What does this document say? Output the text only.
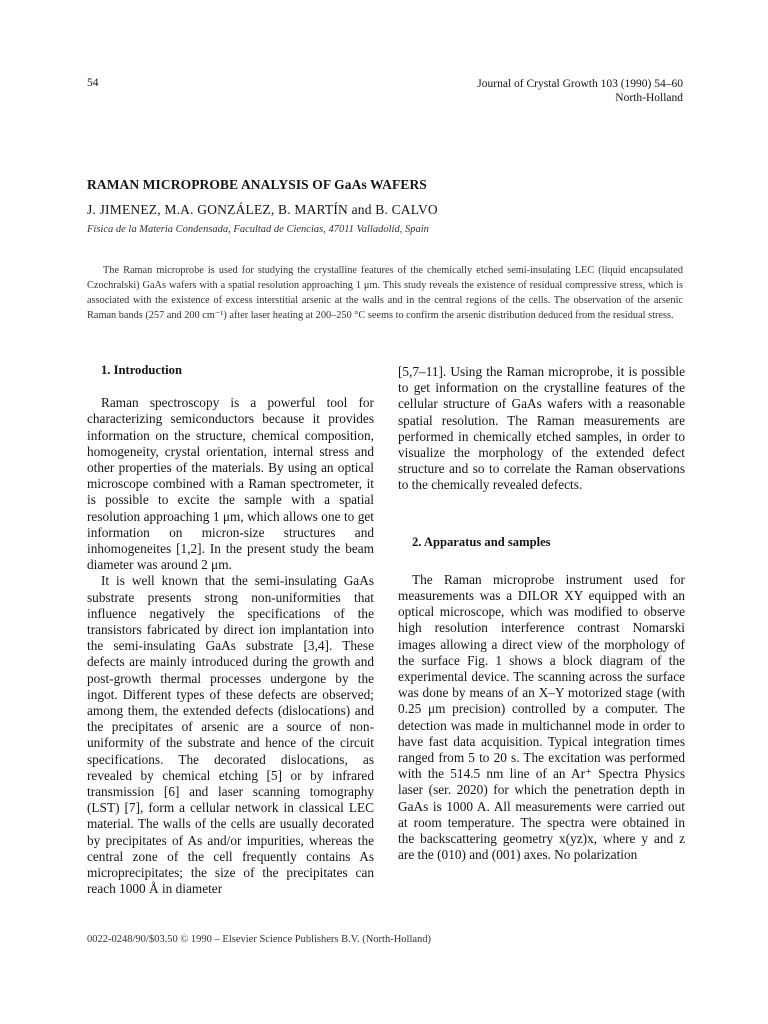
54	Journal of Crystal Growth 103 (1990) 54–60
North-Holland
RAMAN MICROPROBE ANALYSIS OF GaAs WAFERS
J. JIMENEZ, M.A. GONZÁLEZ, B. MARTÍN and B. CALVO
Física de la Materia Condensada, Facultad de Ciencias, 47011 Valladolid, Spain
The Raman microprobe is used for studying the crystalline features of the chemically etched semi-insulating LEC (liquid encapsulated Czochralski) GaAs wafers with a spatial resolution approaching 1 μm. This study reveals the existence of residual compressive stress, which is associated with the existence of excess interstitial arsenic at the walls and in the central regions of the cells. The observation of the arsenic Raman bands (257 and 200 cm⁻¹) after laser heating at 200–250 °C seems to confirm the arsenic distribution deduced from the residual stress.

1. Introduction

Raman spectroscopy is a powerful tool for characterizing semiconductors because it provides information on the structure, chemical composition, homogeneity, crystal orientation, internal stress and other properties of the materials. By using an optical microscope combined with a Raman spectrometer, it is possible to excite the sample with a spatial resolution approaching 1 μm, which allows one to get information on micron-size structures and inhomogeneites [1,2]. In the present study the beam diameter was around 2 μm.

It is well known that the semi-insulating GaAs substrate presents strong non-uniformities that influence negatively the specifications of the transistors fabricated by direct ion implantation into the semi-insulating GaAs substrate [3,4]. These defects are mainly introduced during the growth and post-growth thermal processes undergone by the ingot. Different types of these defects are observed; among them, the extended defects (dislocations) and the precipitates of arsenic are a source of non-uniformity of the substrate and hence of the circuit specifications. The decorated dislocations, as revealed by chemical etching [5] or by infrared transmission [6] and laser scanning tomography (LST) [7], form a cellular network in classical LEC material. The walls of the cells are usually decorated by precipitates of As and/or impurities, whereas the central zone of the cell frequently contains As microprecipitates; the size of the precipitates can reach 1000 Å in diameter

[5,7–11]. Using the Raman microprobe, it is possible to get information on the crystalline features of the cellular structure of GaAs wafers with a reasonable spatial resolution. The Raman measurements are performed in chemically etched samples, in order to visualize the morphology of the extended defect structure and so to correlate the Raman observations to the chemically revealed defects.

2. Apparatus and samples

The Raman microprobe instrument used for measurements was a DILOR XY equipped with an optical microscope, which was modified to observe high resolution interference contrast Nomarski images allowing a direct view of the morphology of the surface Fig. 1 shows a block diagram of the experimental device. The scanning across the surface was done by means of an X–Y motorized stage (with 0.25 μm precision) controlled by a computer. The detection was made in multichannel mode in order to have fast data acquisition. Typical integration times ranged from 5 to 20 s. The excitation was performed with the 514.5 nm line of an Ar⁺ Spectra Physics laser (ser. 2020) for which the penetration depth in GaAs is 1000 A. All measurements were carried out at room temperature. The spectra were obtained in the backscattering geometry x(yz)x, where y and z are the (010) and (001) axes. No polarization

0022-0248/90/$03.50 © 1990 – Elsevier Science Publishers B.V. (North-Holland)
